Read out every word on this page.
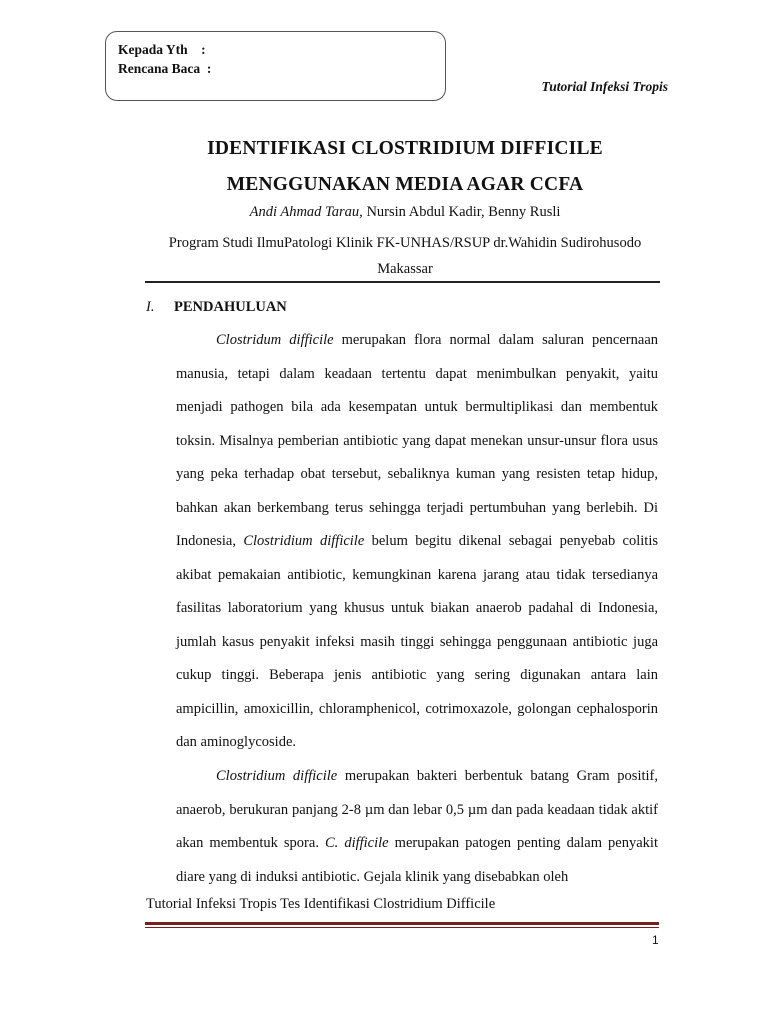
Kepada Yth    :
Rencana Baca  :
Tutorial Infeksi Tropis
IDENTIFIKASI CLOSTRIDIUM DIFFICILE
MENGGUNAKAN MEDIA AGAR CCFA
Andi Ahmad Tarau, Nursin Abdul Kadir, Benny Rusli
Program Studi IlmuPatologi Klinik FK-UNHAS/RSUP dr.Wahidin Sudirohusodo Makassar
I. PENDAHULUAN

Clostridum difficile merupakan flora normal dalam saluran pencernaan manusia, tetapi dalam keadaan tertentu dapat menimbulkan penyakit, yaitu menjadi pathogen bila ada kesempatan untuk bermultiplikasi dan membentuk toksin. Misalnya pemberian antibiotic yang dapat menekan unsur-unsur flora usus yang peka terhadap obat tersebut, sebaliknya kuman yang resisten tetap hidup, bahkan akan berkembang terus sehingga terjadi pertumbuhan yang berlebih. Di Indonesia, Clostridium difficile belum begitu dikenal sebagai penyebab colitis akibat pemakaian antibiotic, kemungkinan karena jarang atau tidak tersedianya fasilitas laboratorium yang khusus untuk biakan anaerob padahal di Indonesia, jumlah kasus penyakit infeksi masih tinggi sehingga penggunaan antibiotic juga cukup tinggi. Beberapa jenis antibiotic yang sering digunakan antara lain ampicillin, amoxicillin, chloramphenicol, cotrimoxazole, golongan cephalosporin dan aminoglycoside.

Clostridium difficile merupakan bakteri berbentuk batang Gram positif, anaerob, berukuran panjang 2-8 µm dan lebar 0,5 µm dan pada keadaan tidak aktif akan membentuk spora. C. difficile merupakan patogen penting dalam penyakit diare yang di induksi antibiotic. Gejala klinik yang disebabkan oleh

Tutorial Infeksi Tropis Tes Identifikasi Clostridium Difficile
1
